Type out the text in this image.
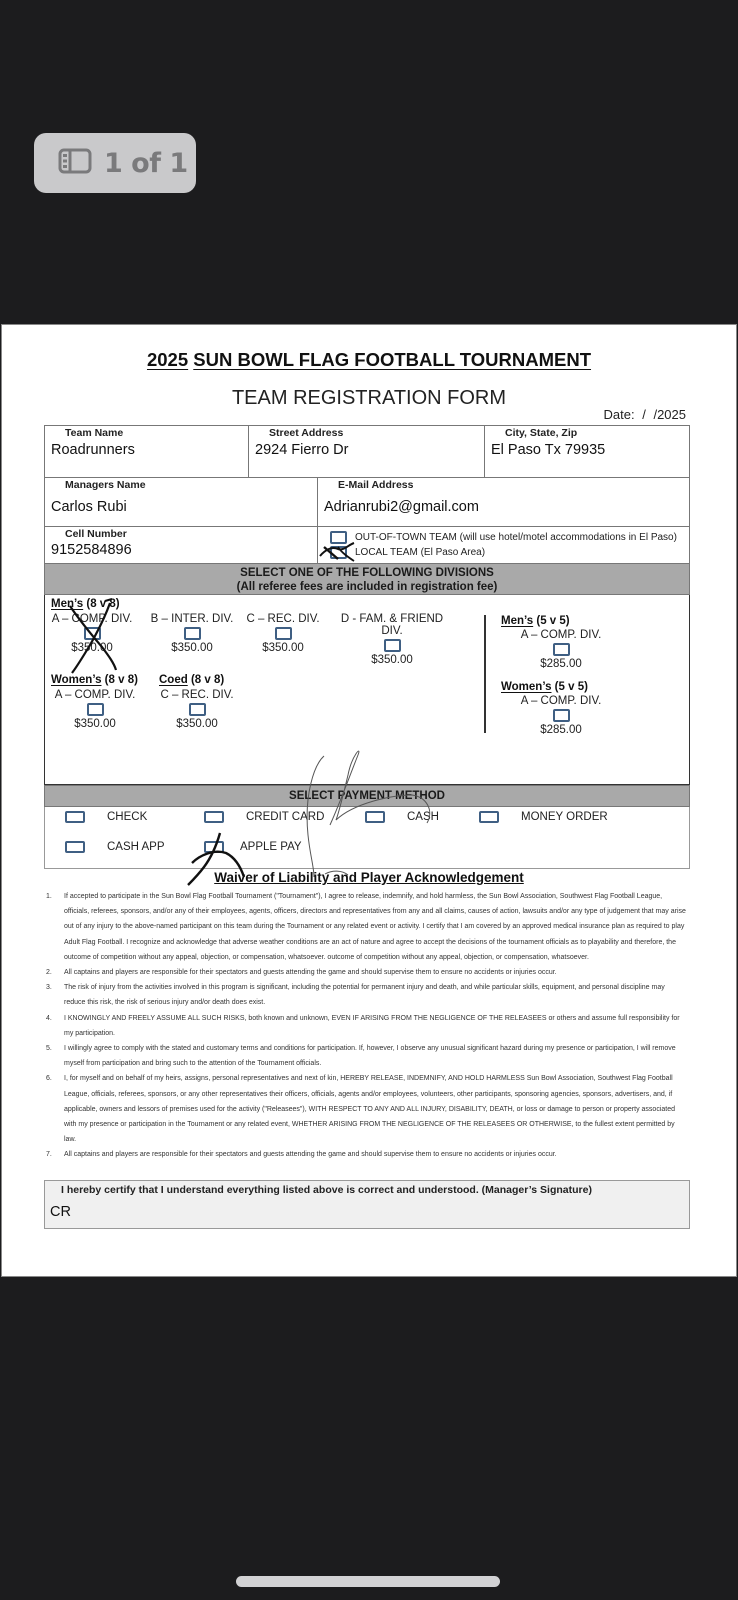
1 of 1
2025 SUN BOWL FLAG FOOTBALL TOURNAMENT
TEAM REGISTRATION FORM
Date: / /2025
Team Name
Roadrunners
Street Address
2924 Fierro Dr
City, State, Zip
El Paso Tx 79935
Managers Name
Carlos Rubi
E-Mail Address
Adrianrubi2@gmail.com
Cell Number
9152584896
OUT-OF-TOWN TEAM (will use hotel/motel accommodations in El Paso)
LOCAL TEAM (El Paso Area)
SELECT ONE OF THE FOLLOWING DIVISIONS
(All referee fees are included in registration fee)
Men’s (8 v 8)
A – COMP. DIV.
$350.00
B – INTER. DIV.
$350.00
C – REC. DIV.
$350.00
D - FAM. & FRIEND DIV.
$350.00
Women’s (8 v 8)
A – COMP. DIV.
$350.00
Coed (8 v 8)
C – REC. DIV.
$350.00
Men’s (5 v 5)
A – COMP. DIV.
$285.00
Women’s (5 v 5)
A – COMP. DIV.
$285.00
SELECT PAYMENT METHOD
CHECK	CREDIT CARD	CASH	MONEY ORDER
CASH APP	APPLE PAY
Waiver of Liability and Player Acknowledgement
1.	If accepted to participate in the Sun Bowl Flag Football Tournament ("Tournament"), I agree to release, indemnify, and hold harmless, the Sun Bowl Association, Southwest Flag Football League, officials, referees, sponsors, and/or any of their employees, agents, officers, directors and representatives from any and all claims, causes of action, lawsuits and/or any type of judgement that may arise out of any injury to the above-named participant on this team during the Tournament or any related event or activity. I certify that I am covered by an approved medical insurance plan as required to play Adult Flag Football. I recognize and acknowledge that adverse weather conditions are an act of nature and agree to accept the decisions of the tournament officials as to playability and therefore, the outcome of competition without any appeal, objection, or compensation, whatsoever. outcome of competition without any appeal, objection, or compensation, whatsoever.
2.	All captains and players are responsible for their spectators and guests attending the game and should supervise them to ensure no accidents or injuries occur.
3.	The risk of injury from the activities involved in this program is significant, including the potential for permanent injury and death, and while particular skills, equipment, and personal discipline may reduce this risk, the risk of serious injury and/or death does exist.
4.	I KNOWINGLY AND FREELY ASSUME ALL SUCH RISKS, both known and unknown, EVEN IF ARISING FROM THE NEGLIGENCE OF THE RELEASEES or others and assume full responsibility for my participation.
5.	I willingly agree to comply with the stated and customary terms and conditions for participation. If, however, I observe any unusual significant hazard during my presence or participation, I will remove myself from participation and bring such to the attention of the Tournament officials.
6.	I, for myself and on behalf of my heirs, assigns, personal representatives and next of kin, HEREBY RELEASE, INDEMNIFY, AND HOLD HARMLESS Sun Bowl Association, Southwest Flag Football League, officials, referees, sponsors, or any other representatives their officers, officials, agents and/or employees, volunteers, other participants, sponsoring agencies, sponsors, advertisers, and, if applicable, owners and lessors of premises used for the activity ("Releasees"), WITH RESPECT TO ANY AND ALL INJURY, DISABILITY, DEATH, or loss or damage to person or property associated with my presence or participation in the Tournament or any related event, WHETHER ARISING FROM THE NEGLIGENCE OF THE RELEASEES OR OTHERWISE, to the fullest extent permitted by law.
7.	All captains and players are responsible for their spectators and guests attending the game and should supervise them to ensure no accidents or injuries occur.
I hereby certify that I understand everything listed above is correct and understood. (Manager’s Signature)
CR
